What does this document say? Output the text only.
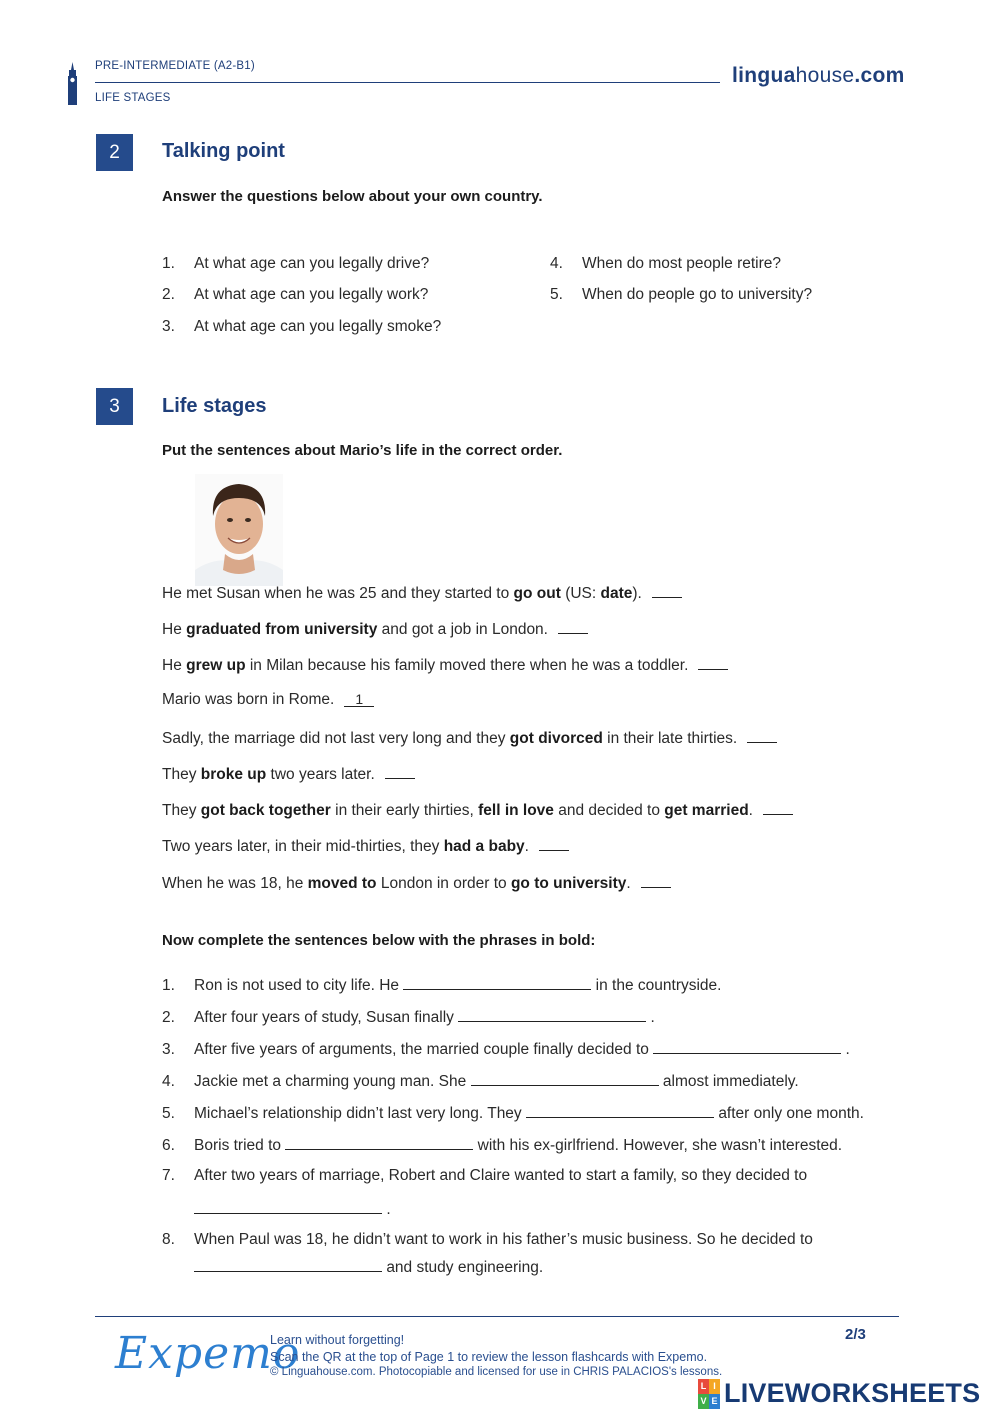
PRE-INTERMEDIATE (A2-B1)
LIFE STAGES
linguahouse.com
2	Talking point
Answer the questions below about your own country.
1. At what age can you legally drive?
2. At what age can you legally work?
3. At what age can you legally smoke?
4. When do most people retire?
5. When do people go to university?
3	Life stages
Put the sentences about Mario’s life in the correct order.
He met Susan when he was 25 and they started to go out (US: date).
He graduated from university and got a job in London.
He grew up in Milan because his family moved there when he was a toddler.
Mario was born in Rome. 1
Sadly, the marriage did not last very long and they got divorced in their late thirties.
They broke up two years later.
They got back together in their early thirties, fell in love and decided to get married.
Two years later, in their mid-thirties, they had a baby.
When he was 18, he moved to London in order to go to university.
Now complete the sentences below with the phrases in bold:
1. Ron is not used to city life. He	in the countryside.
2. After four years of study, Susan finally	.
3. After five years of arguments, the married couple finally decided to	.
4. Jackie met a charming young man. She	almost immediately.
5. Michael’s relationship didn’t last very long. They	after only one month.
6. Boris tried to	with his ex-girlfriend. However, she wasn’t interested.
7. After two years of marriage, Robert and Claire wanted to start a family, so they decided to
.
8. When Paul was 18, he didn’t want to work in his father’s music business. So he decided to
and study engineering.
Expemo
Learn without forgetting!
Scan the QR at the top of Page 1 to review the lesson flashcards with Expemo.
© Linguahouse.com. Photocopiable and licensed for use in CHRIS PALACIOS's lessons.
2/3
L I
V E LIVEWORKSHEETS
